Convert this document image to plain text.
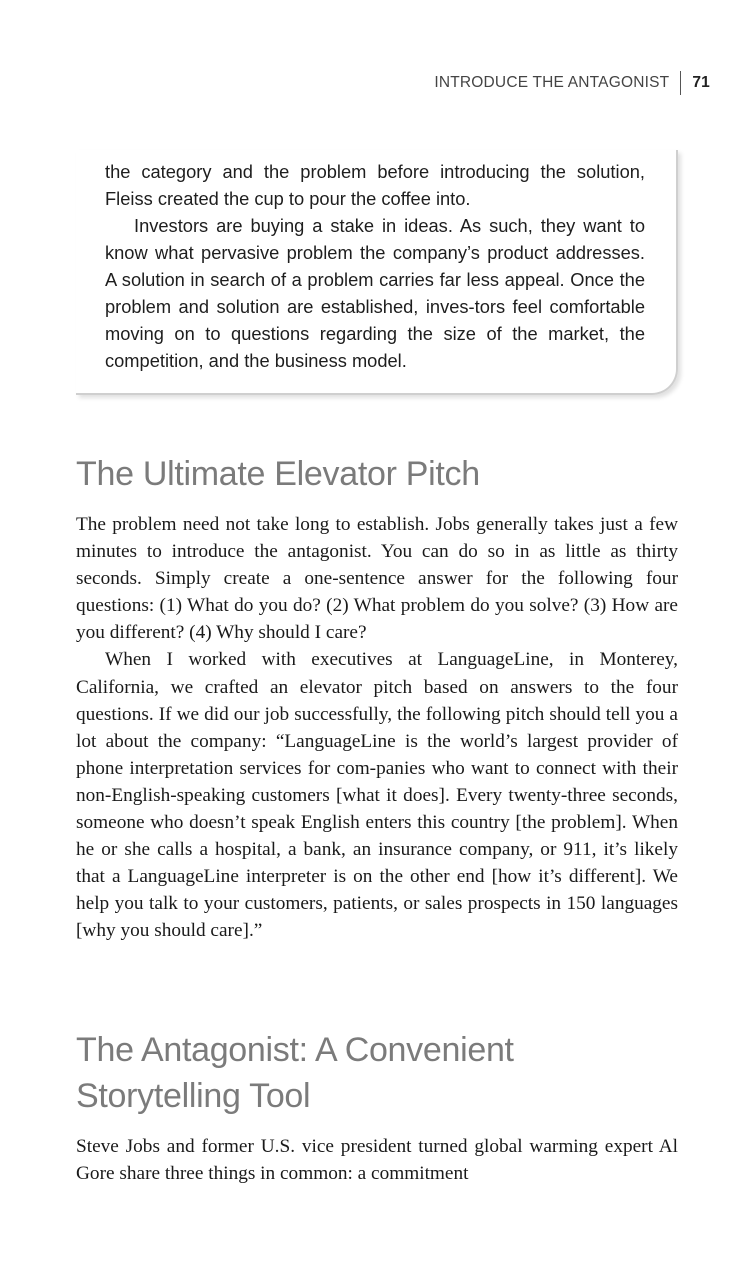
INTRODUCE THE ANTAGONIST	71

the category and the problem before introducing the solution, Fleiss created the cup to pour the coffee into.

Investors are buying a stake in ideas. As such, they want to know what pervasive problem the company’s product addresses. A solution in search of a problem carries far less appeal. Once the problem and solution are established, inves-tors feel comfortable moving on to questions regarding the size of the market, the competition, and the business model.

The Ultimate Elevator Pitch

The problem need not take long to establish. Jobs generally takes just a few minutes to introduce the antagonist. You can do so in as little as thirty seconds. Simply create a one-sentence answer for the following four questions: (1) What do you do? (2) What problem do you solve? (3) How are you different? (4) Why should I care?

When I worked with executives at LanguageLine, in Monterey, California, we crafted an elevator pitch based on answers to the four questions. If we did our job successfully, the following pitch should tell you a lot about the company: “LanguageLine is the world’s largest provider of phone interpretation services for com-panies who want to connect with their non-English-speaking customers [what it does]. Every twenty-three seconds, someone who doesn’t speak English enters this country [the problem]. When he or she calls a hospital, a bank, an insurance company, or 911, it’s likely that a LanguageLine interpreter is on the other end [how it’s different]. We help you talk to your customers, patients, or sales prospects in 150 languages [why you should care].”

The Antagonist: A Convenient Storytelling Tool

Steve Jobs and former U.S. vice president turned global warming expert Al Gore share three things in common: a commitment
